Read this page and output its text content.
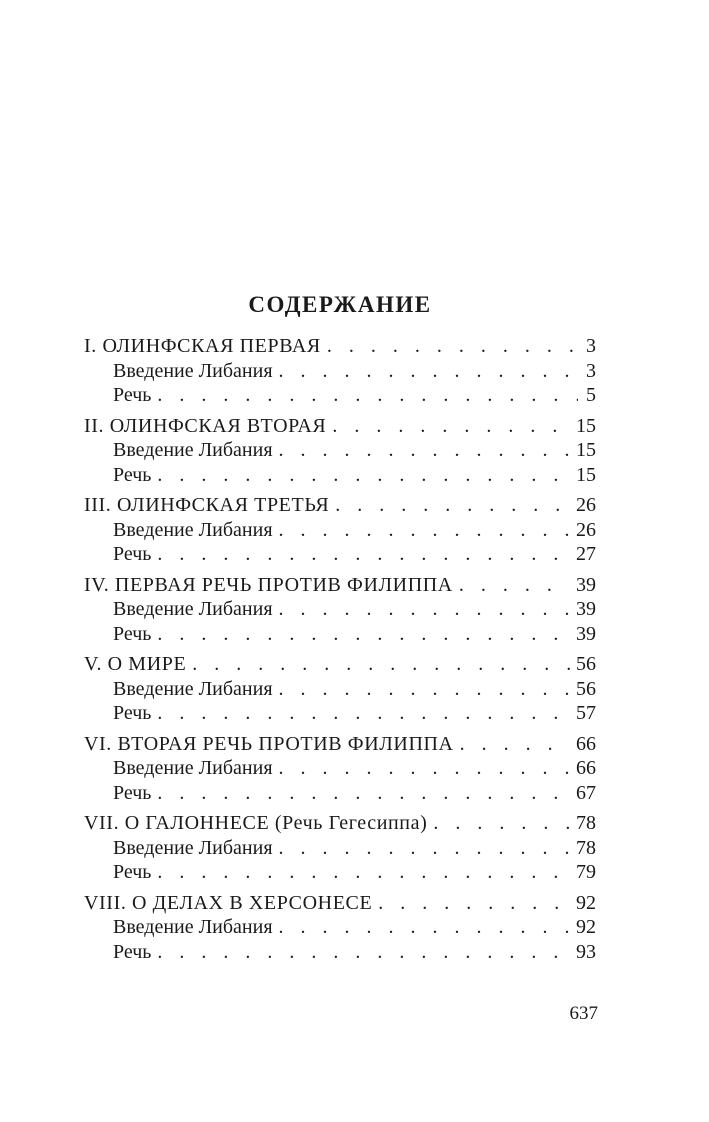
СОДЕРЖАНИЕ
I. ОЛИНФСКАЯ ПЕРВАЯ . . .	3
Введение Либания . . .	3
Речь . . .	5
II. ОЛИНФСКАЯ ВТОРАЯ . . .	15
Введение Либания . . .	15
Речь . . .	15
III. ОЛИНФСКАЯ ТРЕТЬЯ . . .	26
Введение Либания . . .	26
Речь . . .	27
IV. ПЕРВАЯ РЕЧЬ ПРОТИВ ФИЛИППА . . .	39
Введение Либания . . .	39
Речь . . .	39
V. О МИРЕ . . .	56
Введение Либания . . .	56
Речь . . .	57
VI. ВТОРАЯ РЕЧЬ ПРОТИВ ФИЛИППА . . .	66
Введение Либания . . .	66
Речь . . .	67
VII. О ГАЛОННЕСЕ (Речь Гегесиппа) . . .	78
Введение Либания . . .	78
Речь . . .	79
VIII. О ДЕЛАХ В ХЕРСОНЕСЕ . . .	92
Введение Либания . . .	92
Речь . . .	93
637
